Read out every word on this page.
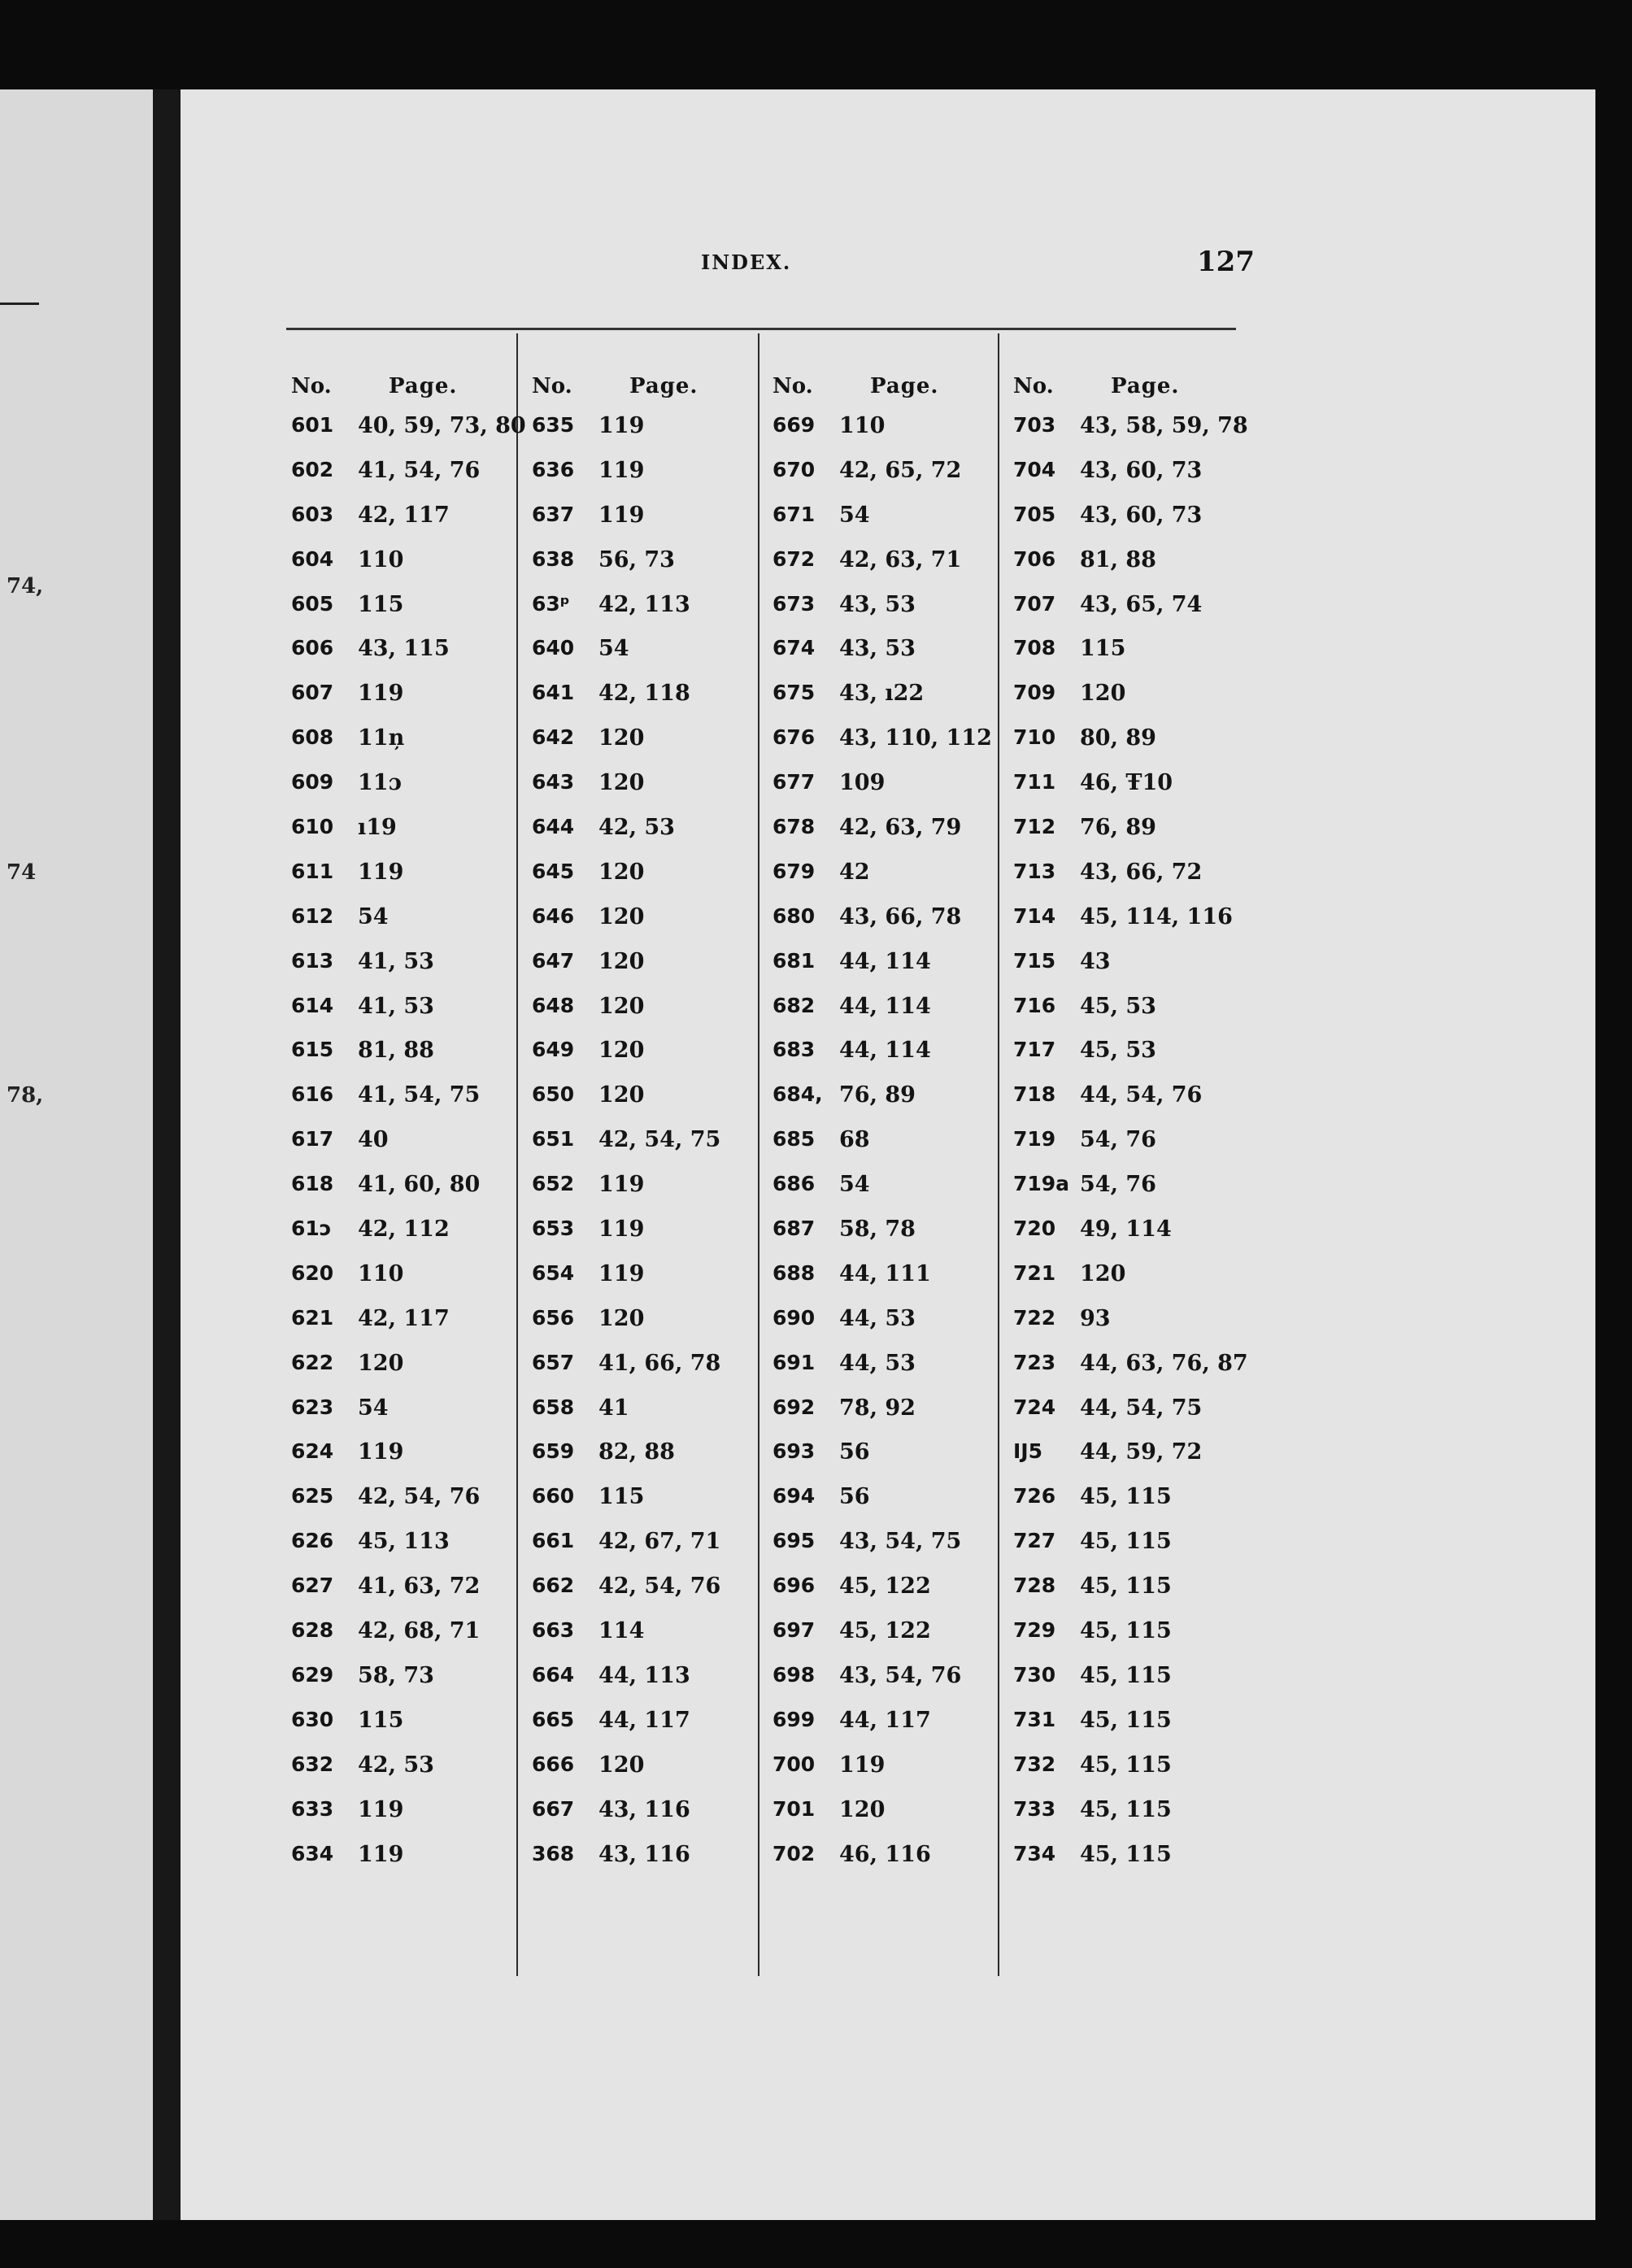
74,
74
78,
INDEX.	127
No.	Page.
601 40, 59, 73, 80
602 41, 54, 76
603 42, 117
604 110
605 115
606 43, 115
607 119
608 11ņ
609 11ɔ
610 ı19
611 119
612 54
613 41, 53
614 41, 53
615 81, 88
616 41, 54, 75
617 40
618 41, 60, 80
61ɔ 42, 112
620 110
621 42, 117
622 120
623 54
624 119
625 42, 54, 76
626 45, 113
627 41, 63, 72
628 42, 68, 71
629 58, 73
630 115
632 42, 53
633 119
634 119
No.	Page.
635 119
636 119
637 119
638 56, 73
63ᵖ 42, 113
640 54
641 42, 118
642 120
643 120
644 42, 53
645 120
646 120
647 120
648 120
649 120
650 120
651 42, 54, 75
652 119
653 119
654 119
656 120
657 41, 66, 78
658 41
659 82, 88
660 115
661 42, 67, 71
662 42, 54, 76
663 114
664 44, 113
665 44, 117
666 120
667 43, 116
368 43, 116
No.	Page.
669 110
670 42, 65, 72
671 54
672 42, 63, 71
673 43, 53
674 43, 53
675 43, ı22
676 43, 110, 112
677 109
678 42, 63, 79
679 42
680 43, 66, 78
681 44, 114
682 44, 114
683 44, 114
684, 76, 89
685 68
686 54
687 58, 78
688 44, 111
690 44, 53
691 44, 53
692 78, 92
693 56
694 56
695 43, 54, 75
696 45, 122
697 45, 122
698 43, 54, 76
699 44, 117
700 119
701 120
702 46, 116
No.	Page.
703 43, 58, 59, 78
704 43, 60, 73
705 43, 60, 73
706 81, 88
707 43, 65, 74
708 115
709 120
710 80, 89
711 46, Ŧ10
712 76, 89
713 43, 66, 72
714 45, 114, 116
715 43
716 45, 53
717 45, 53
718 44, 54, 76
719 54, 76
719a 54, 76
720 49, 114
721 120
722 93
723 44, 63, 76, 87
724 44, 54, 75
Ĳ5 44, 59, 72
726 45, 115
727 45, 115
728 45, 115
729 45, 115
730 45, 115
731 45, 115
732 45, 115
733 45, 115
734 45, 115
